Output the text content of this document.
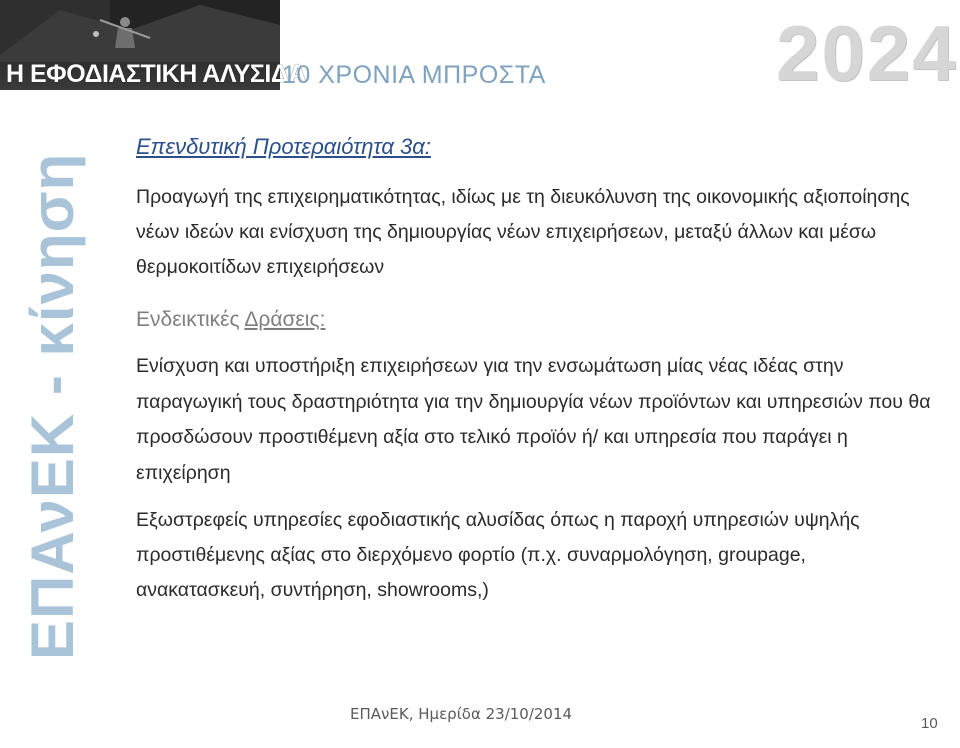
Η ΕΦΟΔΙΑΣΤΙΚΗ ΑΛΥΣΙΔΑ
10 ΧΡΟΝΙΑ ΜΠΡΟΣΤΑ	2024
ΕΠΑνΕΚ - κίνηση
Επενδυτική Προτεραιότητα 3α:

Προαγωγή της επιχειρηματικότητας, ιδίως με τη διευκόλυνση της οικονομικής αξιοποίησης νέων ιδεών και ενίσχυση της δημιουργίας νέων επιχειρήσεων, μεταξύ άλλων και μέσω θερμοκοιτίδων επιχειρήσεων

Ενδεικτικές Δράσεις:

Ενίσχυση και υποστήριξη επιχειρήσεων για την ενσωμάτωση μίας νέας ιδέας στην παραγωγική τους δραστηριότητα για την δημιουργία νέων προϊόντων και υπηρεσιών που θα προσδώσουν προστιθέμενη αξία στο τελικό προϊόν ή/ και υπηρεσία που παράγει η επιχείρηση

Εξωστρεφείς υπηρεσίες εφοδιαστικής αλυσίδας όπως η παροχή υπηρεσιών υψηλής προστιθέμενης αξίας στο διερχόμενο φορτίο (π.χ. συναρμολόγηση, groupage, ανακατασκευή, συντήρηση, showrooms,)

ΕΠΑνΕΚ, Ημερίδα 23/10/2014
10
